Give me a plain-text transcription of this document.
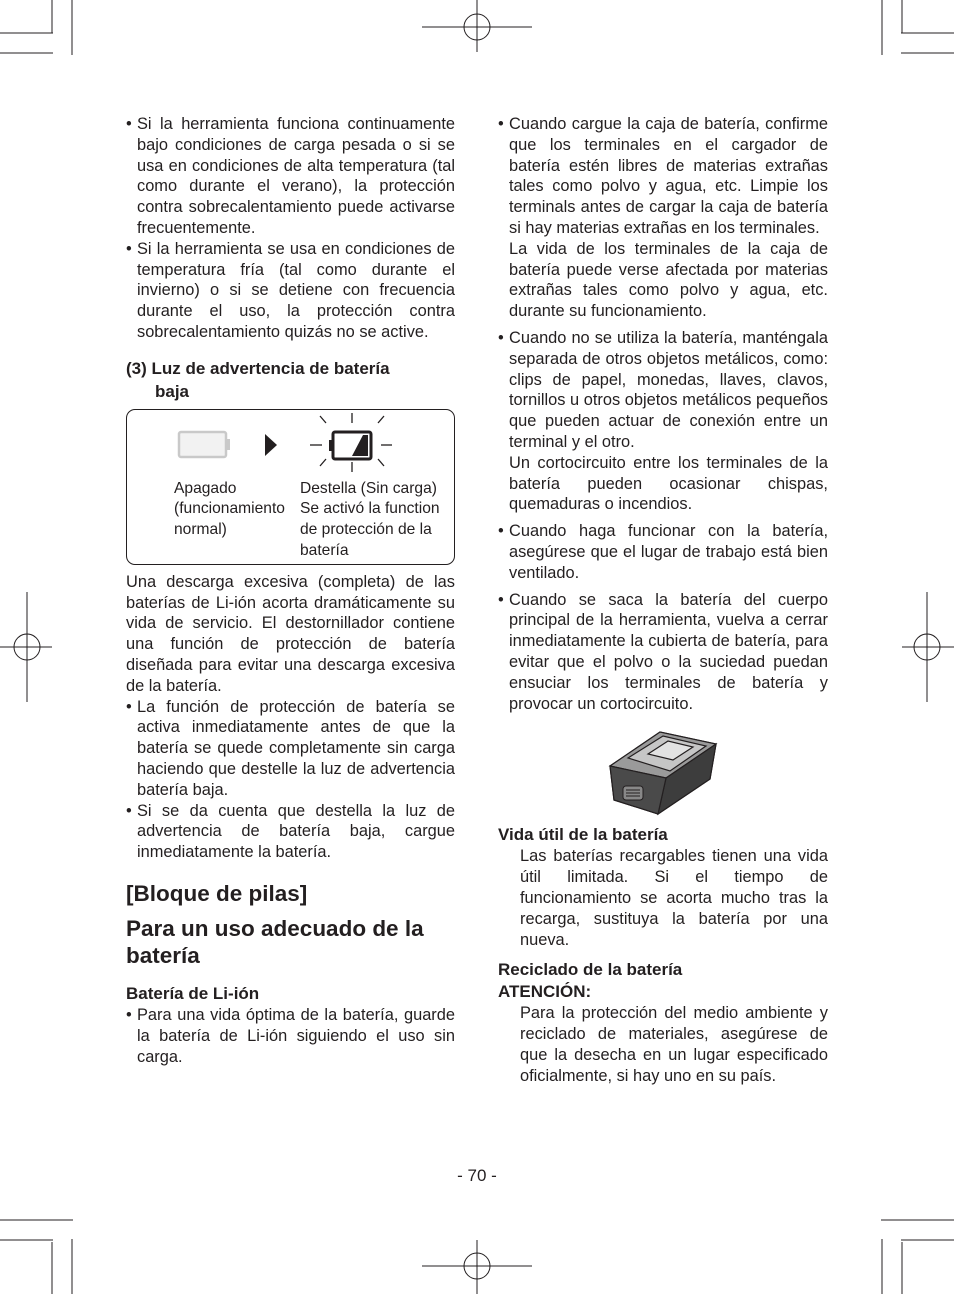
• Si la herramienta funciona continuamente bajo condiciones de carga pesada o si se usa en condiciones de alta temperatura (tal como durante el verano), la protección contra sobrecalentamiento puede activarse frecuentemente.
• Si la herramienta se usa en condiciones de temperatura fría (tal como durante el invierno) o si se detiene con frecuencia durante el uso, la protección contra sobrecalentamiento quizás no se active.
(3) Luz de advertencia de batería
baja
Apagado
(funcionamiento
normal)
Destella (Sin carga)
Se activó la function
de protección de la
batería
Una descarga excesiva (completa) de las baterías de Li-ión acorta dramáticamente su vida de servicio. El destornillador contiene una función de protección de batería diseñada para evitar una descarga excesiva de la batería.
• La función de protección de batería se activa inmediatamente antes de que la batería se quede completamente sin carga haciendo que destelle la luz de advertencia batería baja.
• Si se da cuenta que destella la luz de advertencia de batería baja, cargue inmediatamente la batería.
[Bloque de pilas]
Para un uso adecuado de la batería
Batería de Li-ión
• Para una vida óptima de la batería, guarde la batería de Li-ión siguiendo el uso sin carga.
• Cuando cargue la caja de batería, confirme que los terminales en el cargador de batería estén libres de materias extrañas tales como polvo y agua, etc. Limpie los terminals antes de cargar la caja de batería si hay materias extrañas en los terminales.
La vida de los terminales de la caja de batería puede verse afectada por materias extrañas tales como polvo y agua, etc. durante su funcionamiento.
• Cuando no se utiliza la batería, manténgala separada de otros objetos metálicos, como: clips de papel, monedas, llaves, clavos, tornillos u otros objetos metálicos pequeños que pueden actuar de conexión entre un terminal y el otro.
Un cortocircuito entre los terminales de la batería pueden ocasionar chispas, quemaduras o incendios.
• Cuando haga funcionar con la batería, asegúrese que el lugar de trabajo está bien ventilado.
• Cuando se saca la batería del cuerpo principal de la herramienta, vuelva a cerrar inmediatamente la cubierta de batería, para evitar que el polvo o la suciedad puedan ensuciar los terminales de batería y provocar un cortocircuito.
Vida útil de la batería
Las baterías recargables tienen una vida útil limitada. Si el tiempo de funcionamiento se acorta mucho tras la recarga, sustituya la batería por una nueva.
Reciclado de la batería
ATENCIÓN:
Para la protección del medio ambiente y reciclado de materiales, asegúrese de que la desecha en un lugar especificado oficialmente, si hay uno en su país.
- 70 -
